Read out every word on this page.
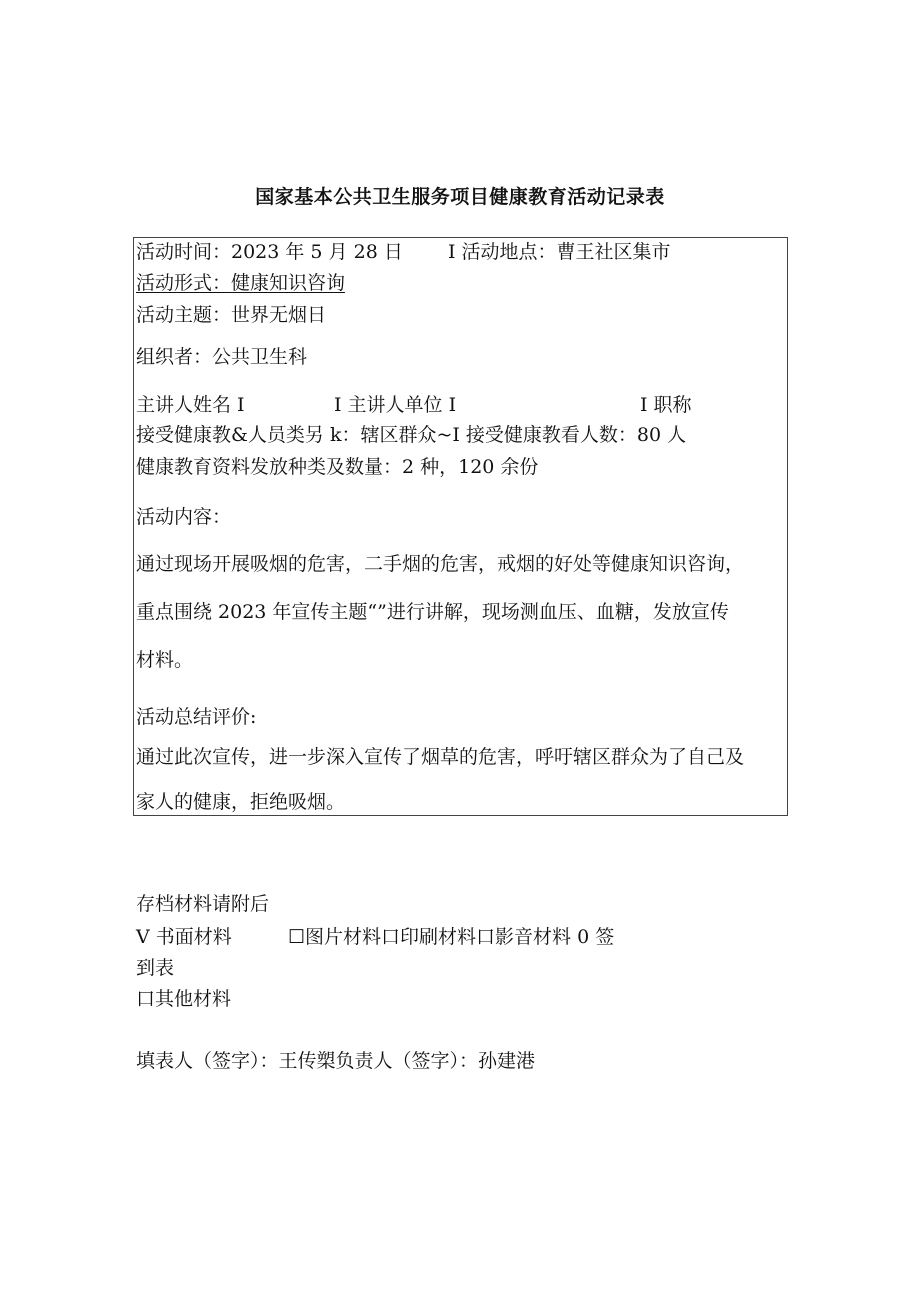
国家基本公共卫生服务项目健康教育活动记录表
活动时间：2023 年 5 月 28 日 I 活动地点：曹王社区集市
活动形式：健康知识咨询
活动主题：世界无烟日
组织者：公共卫生科
主讲人姓名 I	I 主讲人单位 I	I 职称
接受健康教&人员类另 k：辖区群众~I 接受健康教看人数：80 人
健康教育资料发放种类及数量：2 种，120 余份
活动内容：
通过现场开展吸烟的危害，二手烟的危害，戒烟的好处等健康知识咨询，
重点围绕 2023 年宣传主题“”进行讲解，现场测血压、血糖，发放宣传
材料。
活动总结评价:
通过此次宣传，进一步深入宣传了烟草的危害，呼吁辖区群众为了自己及
家人的健康，拒绝吸烟。
存档材料请附后
V 书面材料	☐图片材料口印刷材料口影音材料 0 签
到表
口其他材料
填表人（签字）：王传槊负责人（签字）：孙建港
